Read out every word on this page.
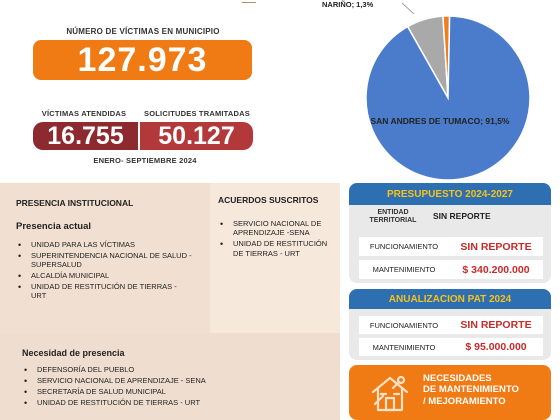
NÚMERO DE VÍCTIMAS EN MUNICIPIO
127.973
VÍCTIMAS ATENDIDAS	SOLICITUDES TRAMITADAS
16.755	50.127
ENERO- SEPTIEMBRE 2024
NARIÑO; 1,3%
SAN ANDRES DE TUMACO; 91,5%
PRESENCIA INSTITUCIONAL
Presencia actual
• UNIDAD PARA LAS VÍCTIMAS
• SUPERINTENDENCIA NACIONAL DE SALUD - SUPERSALUD
• ALCALDÍA MUNICIPAL
• UNIDAD DE RESTITUCIÓN DE TIERRAS - URT
ACUERDOS SUSCRITOS
• SERVICIO NACIONAL DE APRENDIZAJE -SENA
• UNIDAD DE RESTITUCIÓN DE TIERRAS - URT
Necesidad de presencia
• DEFENSORÍA DEL PUEBLO
• SERVICIO NACIONAL DE APRENDIZAJE - SENA
• SECRETARÍA DE SALUD MUNICIPAL
• UNIDAD DE RESTITUCIÓN DE TIERRAS - URT
PRESUPUESTO 2024-2027
ENTIDAD TERRITORIAL	SIN REPORTE
FUNCIONAMIENTO	SIN REPORTE
MANTENIMIENTO	$ 340.200.000
ANUALIZACION PAT 2024
FUNCIONAMIENTO	SIN REPORTE
MANTENIMIENTO	$ 95.000.000
NECESIDADES
DE MANTENIMIENTO
/ MEJORAMIENTO
